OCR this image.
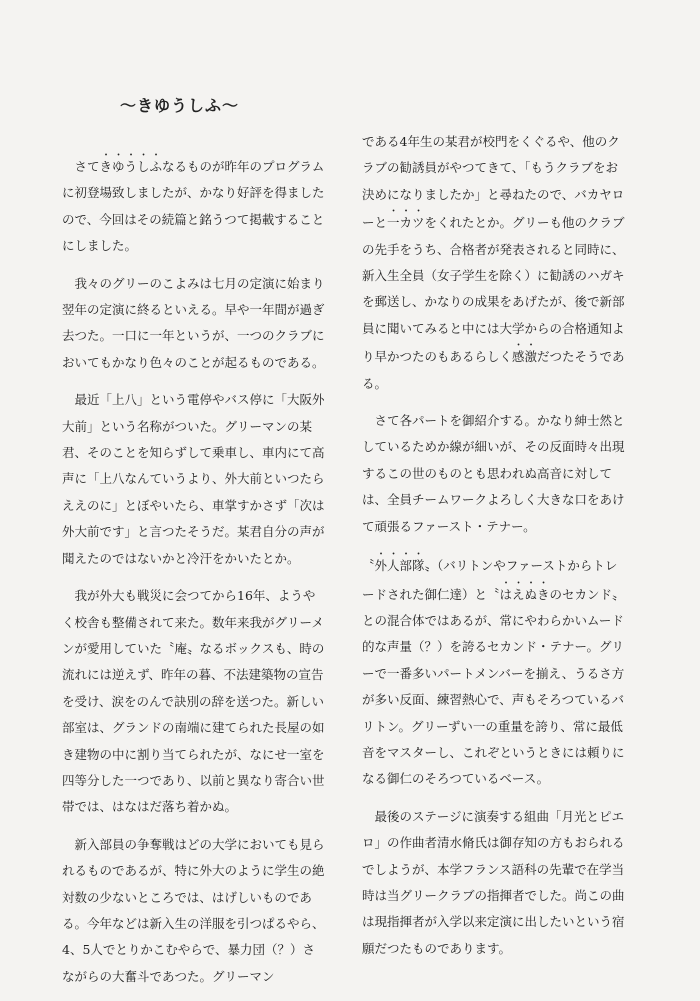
～きゆうしふ～

さてきゆうしふなるものが昨年のプログラムに初登場致しましたが、かなり好評を得ましたので、今回はその続篇と銘うつて掲載することにしました。

我々のグリーのこよみは七月の定演に始まり翌年の定演に終るといえる。早や一年間が過ぎ去つた。一口に一年というが、一つのクラブにおいてもかなり色々のことが起るものである。

最近「上八」という電停やバス停に「大阪外大前」という名称がついた。グリーマンの某君、そのことを知らずして乗車し、車内にて高声に「上八なんていうより、外大前といつたらええのに」とぼやいたら、車掌すかさず「次は外大前です」と言つたそうだ。某君自分の声が聞えたのではないかと冷汗をかいたとか。

我が外大も戦災に会つてから16年、ようやく校舎も整備されて来た。数年来我がグリーメンが愛用していた〝庵〟なるボックスも、時の流れには逆えず、昨年の暮、不法建築物の宣告を受け、涙をのんで訣別の辞を送つた。新しい部室は、グランドの南端に建てられた長屋の如き建物の中に割り当てられたが、なにせ一室を四等分した一つであり、以前と異なり寄合い世帯では、はなはだ落ち着かぬ。

新入部員の争奪戦はどの大学においても見られるものであるが、特に外大のように学生の絶対数の少ないところでは、はげしいものである。今年などは新入生の洋服を引つぱるやら、4、5人でとりかこむやらで、暴力団（？）さながらの大奮斗であつた。グリーマン

である4年生の某君が校門をくぐるや、他のクラブの勧誘員がやつてきて、「もうクラブをお決めになりましたか」と尋ねたので、バカヤローと一カツをくれたとか。グリーも他のクラブの先手をうち、合格者が発表されると同時に、新入生全員（女子学生を除く）に勧誘のハガキを郵送し、かなりの成果をあげたが、後で新部員に聞いてみると中には大学からの合格通知より早かつたのもあるらしく感激だつたそうである。

さて各パートを御紹介する。かなり紳士然としているためか線が細いが、その反面時々出現するこの世のものとも思われぬ高音に対しては、全員チームワークよろしく大きな口をあけて頑張るファースト・テナー。

〝外人部隊〟（バリトンやファーストからトレードされた御仁達）と〝はえぬきのセカンド〟との混合体ではあるが、常にやわらかいムード的な声量（？）を誇るセカンド・テナー。グリーで一番多いパートメンバーを揃え、うるさ方が多い反面、練習熱心で、声もそろつているバリトン。グリーずい一の重量を誇り、常に最低音をマスターし、これぞというときには頼りになる御仁のそろつているベース。

最後のステージに演奏する組曲「月光とピエロ」の作曲者清水脩氏は御存知の方もおられるでしようが、本学フランス語科の先輩で在学当時は当グリークラブの指揮者でした。尚この曲は現指揮者が入学以来定演に出したいという宿願だつたものであります。
